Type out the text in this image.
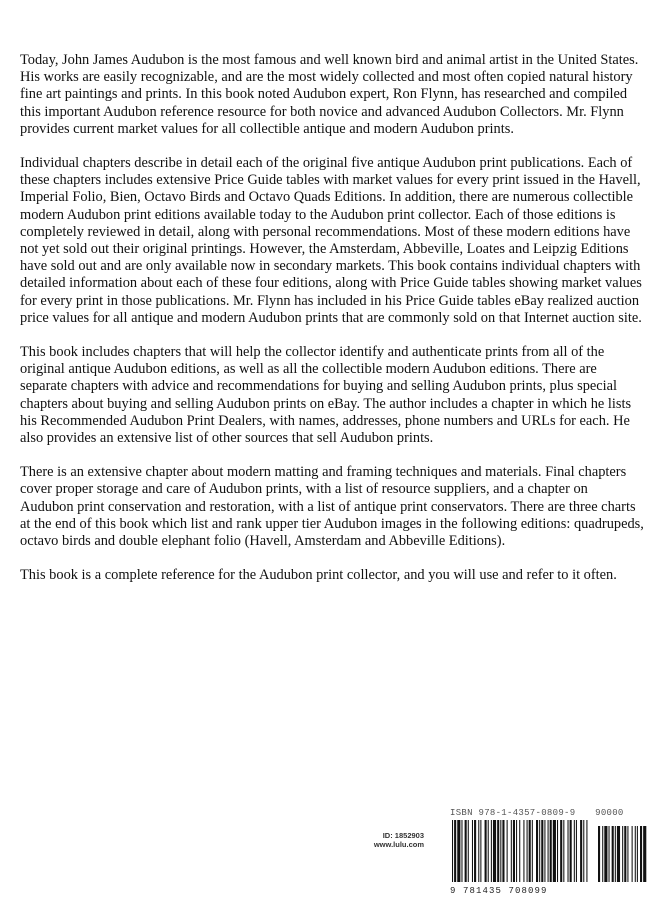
Today, John James Audubon is the most famous and well known bird and animal artist in the United States. His works are easily recognizable, and are the most widely collected and most often copied natural history fine art paintings and prints. In this book noted Audubon expert, Ron Flynn, has researched and compiled this important Audubon reference resource for both novice and advanced Audubon Collectors. Mr. Flynn provides current market values for all collectible antique and modern Audubon prints.

Individual chapters describe in detail each of the original five antique Audubon print publications. Each of these chapters includes extensive Price Guide tables with market values for every print issued in the Havell, Imperial Folio, Bien, Octavo Birds and Octavo Quads Editions. In addition, there are numerous collectible modern Audubon print editions available today to the Audubon print collector. Each of those editions is completely reviewed in detail, along with personal recommendations. Most of these modern editions have not yet sold out their original printings. However, the Amsterdam, Abbeville, Loates and Leipzig Editions have sold out and are only available now in secondary markets. This book contains individual chapters with detailed information about each of these four editions, along with Price Guide tables showing market values for every print in those publications. Mr. Flynn has included in his Price Guide tables eBay realized auction price values for all antique and modern Audubon prints that are commonly sold on that Internet auction site.

This book includes chapters that will help the collector identify and authenticate prints from all of the original antique Audubon editions, as well as all the collectible modern Audubon editions. There are separate chapters with advice and recommendations for buying and selling Audubon prints, plus special chapters about buying and selling Audubon prints on eBay. The author includes a chapter in which he lists his Recommended Audubon Print Dealers, with names, addresses, phone numbers and URLs for each. He also provides an extensive list of other sources that sell Audubon prints.

There is an extensive chapter about modern matting and framing techniques and materials. Final chapters cover proper storage and care of Audubon prints, with a list of resource suppliers, and a chapter on Audubon print conservation and restoration, with a list of antique print conservators. There are three charts at the end of this book which list and rank upper tier Audubon images in the following editions: quadrupeds, octavo birds and double elephant folio (Havell, Amsterdam and Abbeville Editions).

This book is a complete reference for the Audubon print collector, and you will use and refer to it often.

ID: 1852903
www.lulu.com
ISBN 978-1-4357-0809-9 90000
9 781435 708099
